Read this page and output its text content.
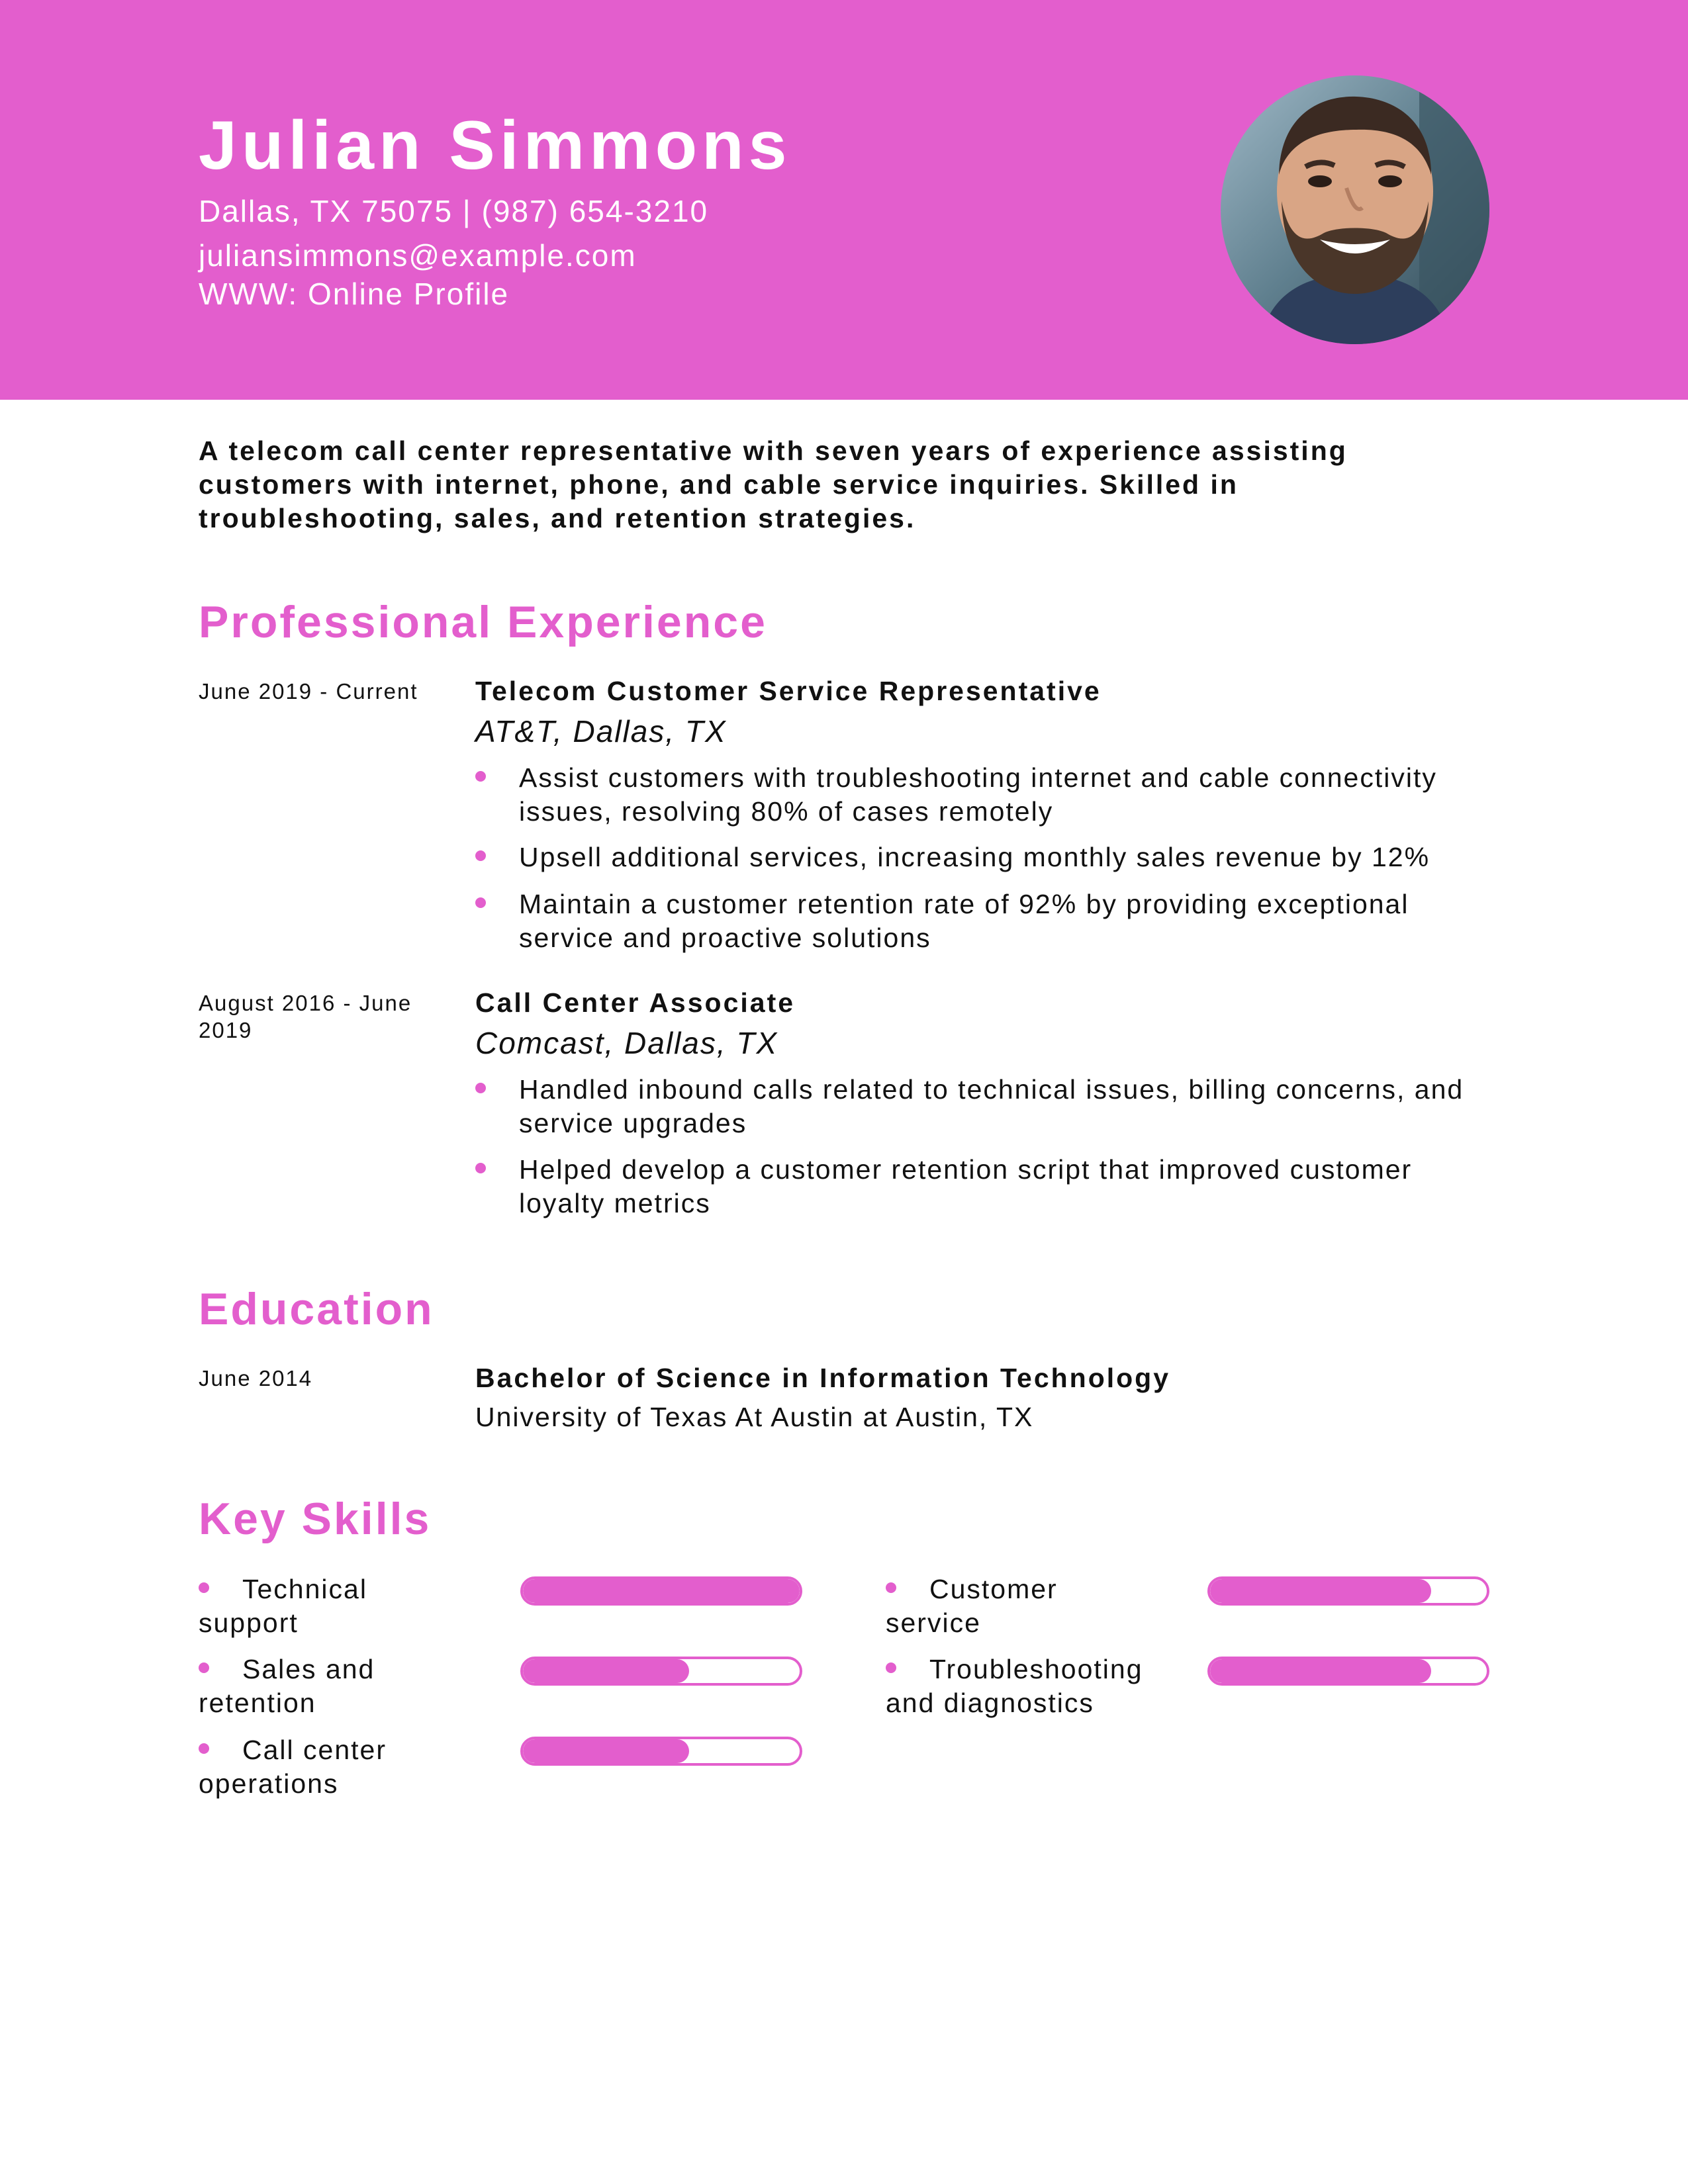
Julian Simmons
Dallas, TX 75075 | (987) 654-3210
juliansimmons@example.com
WWW: Online Profile
A telecom call center representative with seven years of experience assisting customers with internet, phone, and cable service inquiries. Skilled in troubleshooting, sales, and retention strategies.
Professional Experience
June 2019 - Current	Telecom Customer Service Representative
AT&T, Dallas, TX
Assist customers with troubleshooting internet and cable connectivity issues, resolving 80% of cases remotely
Upsell additional services, increasing monthly sales revenue by 12%
Maintain a customer retention rate of 92% by providing exceptional service and proactive solutions
August 2016 - June 2019
Call Center Associate
Comcast, Dallas, TX
Handled inbound calls related to technical issues, billing concerns, and service upgrades
Helped develop a customer retention script that improved customer loyalty metrics
Education
June 2014	Bachelor of Science in Information Technology
University of Texas At Austin at Austin, TX
Key Skills
Technical support
Customer service
Sales and retention
Troubleshooting and diagnostics
Call center operations
